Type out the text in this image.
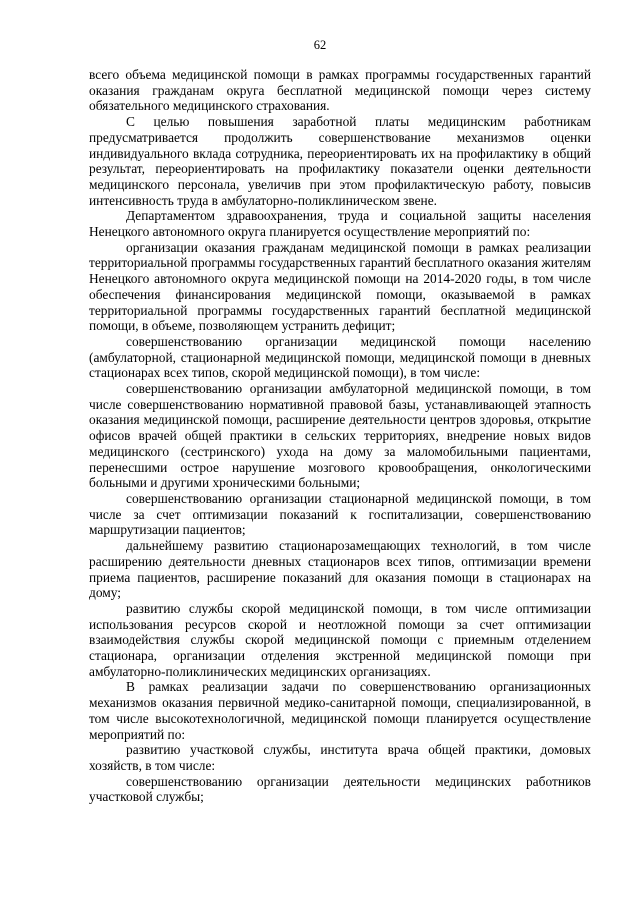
62

всего объема медицинской помощи в рамках программы государственных гарантий оказания гражданам округа бесплатной медицинской помощи через систему обязательного медицинского страхования.

С целью повышения заработной платы медицинским работникам предусматривается продолжить совершенствование механизмов оценки индивидуального вклада сотрудника, переориентировать их на профилактику в общий результат, переориентировать на профилактику показатели оценки деятельности медицинского персонала, увеличив при этом профилактическую работу, повысив интенсивность труда в амбулаторно-поликлиническом звене.

Департаментом здравоохранения, труда и социальной защиты населения Ненецкого автономного округа планируется осуществление мероприятий по:

организации оказания гражданам медицинской помощи в рамках реализации территориальной программы государственных гарантий бесплатного оказания жителям Ненецкого автономного округа медицинской помощи на 2014-2020 годы, в том числе обеспечения финансирования медицинской помощи, оказываемой в рамках территориальной программы государственных гарантий бесплатной медицинской помощи, в объеме, позволяющем устранить дефицит;

совершенствованию организации медицинской помощи населению (амбулаторной, стационарной медицинской помощи, медицинской помощи в дневных стационарах всех типов, скорой медицинской помощи), в том числе:

совершенствованию организации амбулаторной медицинской помощи, в том числе совершенствованию нормативной правовой базы, устанавливающей этапность оказания медицинской помощи, расширение деятельности центров здоровья, открытие офисов врачей общей практики в сельских территориях, внедрение новых видов медицинского (сестринского) ухода на дому за маломобильными пациентами, перенесшими острое нарушение мозгового кровообращения, онкологическими больными и другими хроническими больными;

совершенствованию организации стационарной медицинской помощи, в том числе за счет оптимизации показаний к госпитализации, совершенствованию маршрутизации пациентов;

дальнейшему развитию стационарозамещающих технологий, в том числе расширению деятельности дневных стационаров всех типов, оптимизации времени приема пациентов, расширение показаний для оказания помощи в стационарах на дому;

развитию службы скорой медицинской помощи, в том числе оптимизации использования ресурсов скорой и неотложной помощи за счет оптимизации взаимодействия службы скорой медицинской помощи с приемным отделением стационара, организации отделения экстренной медицинской помощи при амбулаторно-поликлинических медицинских организациях.

В рамках реализации задачи по совершенствованию организационных механизмов оказания первичной медико-санитарной помощи, специализированной, в том числе высокотехнологичной, медицинской помощи планируется осуществление мероприятий по:

развитию участковой службы, института врача общей практики, домовых хозяйств, в том числе:

совершенствованию организации деятельности медицинских работников участковой службы;
